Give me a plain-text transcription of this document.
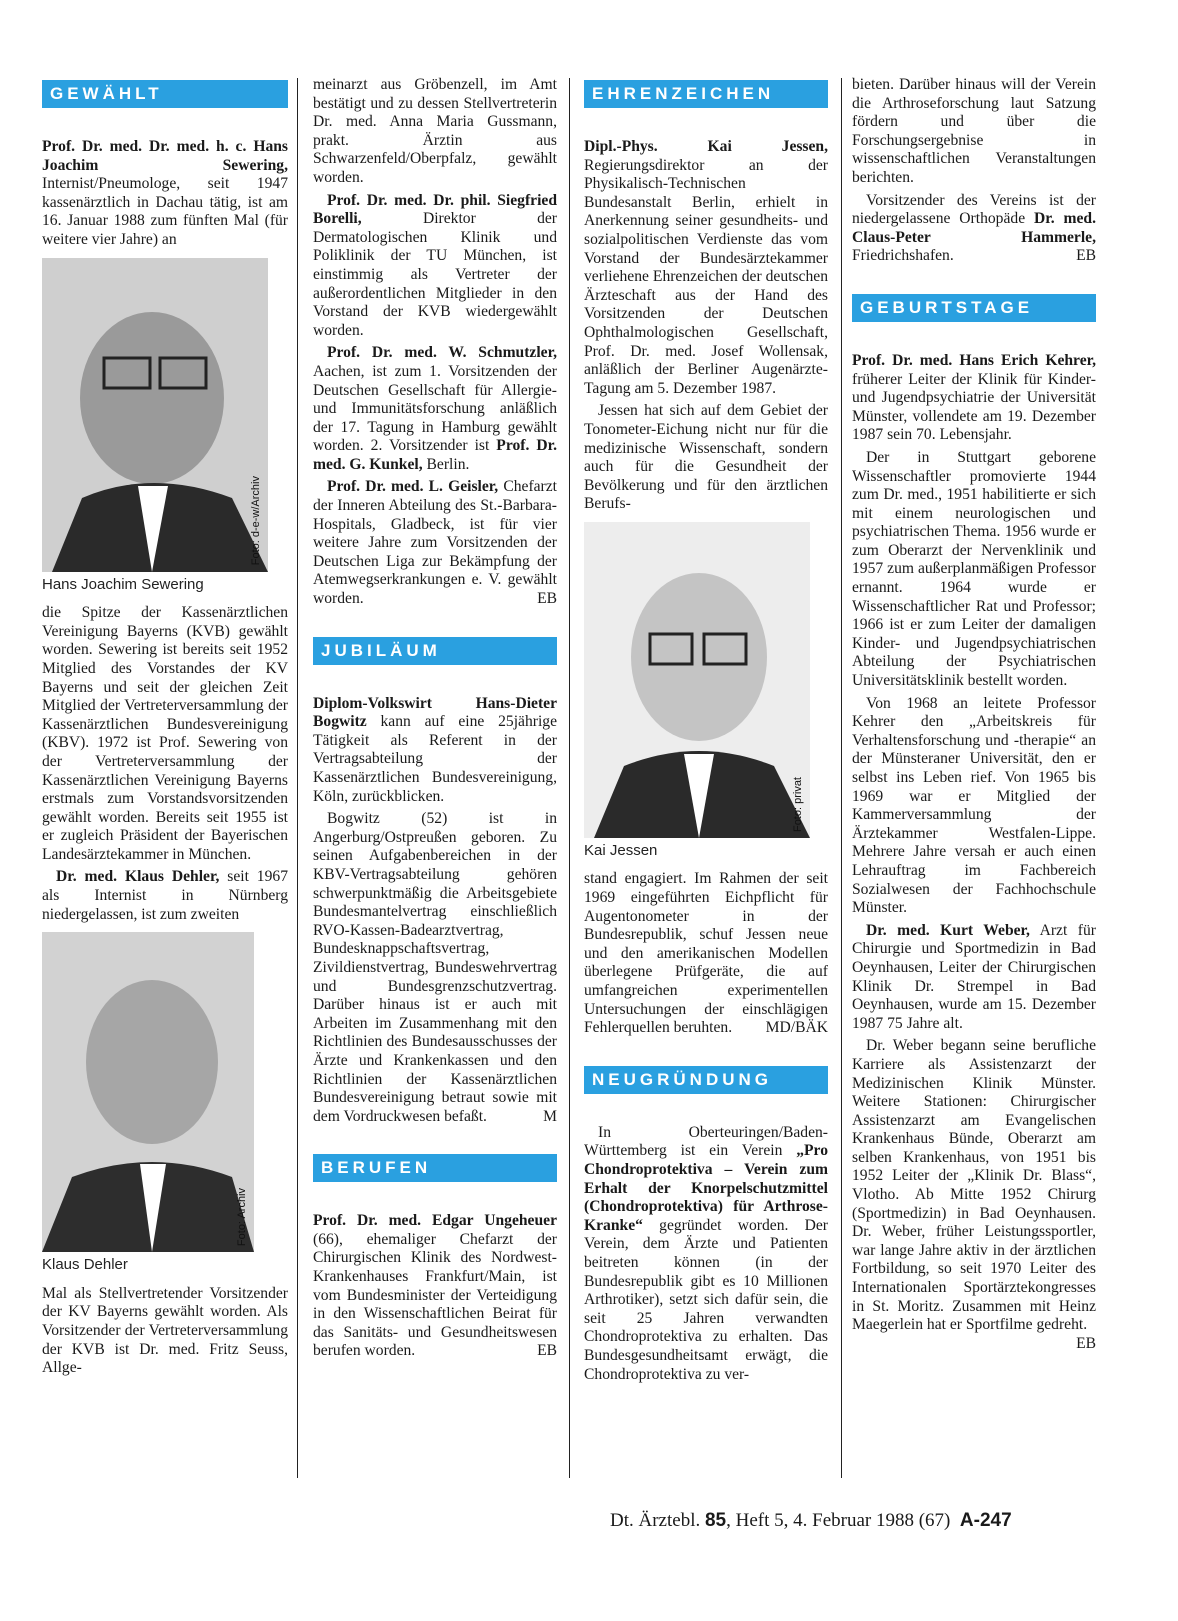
GEWÄHLT

Prof. Dr. med. Dr. med. h. c. Hans Joachim Sewering, Internist/Pneumologe, seit 1947 kassenärztlich in Dachau tätig, ist am 16. Januar 1988 zum fünften Mal (für weitere vier Jahre) an

Foto: d-e-w/Archiv
Hans Joachim Sewering

die Spitze der Kassenärztlichen Vereinigung Bayerns (KVB) gewählt worden. Sewering ist bereits seit 1952 Mitglied des Vorstandes der KV Bayerns und seit der gleichen Zeit Mitglied der Vertreterversammlung der Kassenärztlichen Bundesvereinigung (KBV). 1972 ist Prof. Sewering von der Vertreterversammlung der Kassenärztlichen Vereinigung Bayerns erstmals zum Vorstandsvorsitzenden gewählt worden. Bereits seit 1955 ist er zugleich Präsident der Bayerischen Landesärztekammer in München.

Dr. med. Klaus Dehler, seit 1967 als Internist in Nürnberg niedergelassen, ist zum zweiten

Foto: Archiv
Klaus Dehler

Mal als Stellvertretender Vorsitzender der KV Bayerns gewählt worden. Als Vorsitzender der Vertreterversammlung der KVB ist Dr. med. Fritz Seuss, Allge-

meinarzt aus Gröbenzell, im Amt bestätigt und zu dessen Stellvertreterin Dr. med. Anna Maria Gussmann, prakt. Ärztin aus Schwarzenfeld/Oberpfalz, gewählt worden.

Prof. Dr. med. Dr. phil. Siegfried Borelli, Direktor der Dermatologischen Klinik und Poliklinik der TU München, ist einstimmig als Vertreter der außerordentlichen Mitglieder in den Vorstand der KVB wiedergewählt worden.

Prof. Dr. med. W. Schmutzler, Aachen, ist zum 1. Vorsitzenden der Deutschen Gesellschaft für Allergie- und Immunitätsforschung anläßlich der 17. Tagung in Hamburg gewählt worden. 2. Vorsitzender ist Prof. Dr. med. G. Kunkel, Berlin.

Prof. Dr. med. L. Geisler, Chefarzt der Inneren Abteilung des St.-Barbara-Hospitals, Gladbeck, ist für vier weitere Jahre zum Vorsitzenden der Deutschen Liga zur Bekämpfung der Atemwegserkrankungen e. V. gewählt worden.	EB

JUBILÄUM

Diplom-Volkswirt Hans-Dieter Bogwitz kann auf eine 25jährige Tätigkeit als Referent in der Vertragsabteilung der Kassenärztlichen Bundesvereinigung, Köln, zurückblicken.

Bogwitz (52) ist in Angerburg/Ostpreußen geboren. Zu seinen Aufgabenbereichen in der KBV-Vertragsabteilung gehören schwerpunktmäßig die Arbeitsgebiete Bundesmantelvertrag einschließlich RVO-Kassen-Badearztvertrag, Bundesknappschaftsvertrag, Zivildienstvertrag, Bundeswehrvertrag und Bundesgrenzschutzvertrag. Darüber hinaus ist er auch mit Arbeiten im Zusammenhang mit den Richtlinien des Bundesausschusses der Ärzte und Krankenkassen und den Richtlinien der Kassenärztlichen Bundesvereinigung betraut sowie mit dem Vordruckwesen befaßt.	M

BERUFEN

Prof. Dr. med. Edgar Ungeheuer (66), ehemaliger Chefarzt der Chirurgischen Klinik des Nordwest-Krankenhauses Frankfurt/Main, ist vom Bundesminister der Verteidigung in den Wissenschaftlichen Beirat für das Sanitäts- und Gesundheitswesen berufen worden.	EB

EHRENZEICHEN

Dipl.-Phys. Kai Jessen, Regierungsdirektor an der Physikalisch-Technischen Bundesanstalt Berlin, erhielt in Anerkennung seiner gesundheits- und sozialpolitischen Verdienste das vom Vorstand der Bundesärztekammer verliehene Ehrenzeichen der deutschen Ärzteschaft aus der Hand des Vorsitzenden der Deutschen Ophthalmologischen Gesellschaft, Prof. Dr. med. Josef Wollensak, anläßlich der Berliner Augenärzte-Tagung am 5. Dezember 1987.

Jessen hat sich auf dem Gebiet der Tonometer-Eichung nicht nur für die medizinische Wissenschaft, sondern auch für die Gesundheit der Bevölkerung und für den ärztlichen Berufs-

Foto: privat
Kai Jessen

stand engagiert. Im Rahmen der seit 1969 eingeführten Eichpflicht für Augentonometer in der Bundesrepublik, schuf Jessen neue und den amerikanischen Modellen überlegene Prüfgeräte, die auf umfangreichen experimentellen Untersuchungen der einschlägigen Fehlerquellen beruhten. MD/BÄK

NEUGRÜNDUNG

In Oberteuringen/Baden-Württemberg ist ein Verein „Pro Chondroprotektiva – Verein zum Erhalt der Knorpelschutzmittel (Chondroprotektiva) für Arthrose-Kranke“ gegründet worden. Der Verein, dem Ärzte und Patienten beitreten können (in der Bundesrepublik gibt es 10 Millionen Arthrotiker), setzt sich dafür sein, die seit 25 Jahren verwandten Chondroprotektiva zu erhalten. Das Bundesgesundheitsamt erwägt, die Chondroprotektiva zu ver-

bieten. Darüber hinaus will der Verein die Arthroseforschung laut Satzung fördern und über die Forschungsergebnise in wissenschaftlichen Veranstaltungen berichten.

Vorsitzender des Vereins ist der niedergelassene Orthopäde Dr. med. Claus-Peter Hammerle, Friedrichshafen.	EB

GEBURTSTAGE

Prof. Dr. med. Hans Erich Kehrer, früherer Leiter der Klinik für Kinder- und Jugendpsychiatrie der Universität Münster, vollendete am 19. Dezember 1987 sein 70. Lebensjahr.

Der in Stuttgart geborene Wissenschaftler promovierte 1944 zum Dr. med., 1951 habilitierte er sich mit einem neurologischen und psychiatrischen Thema. 1956 wurde er zum Oberarzt der Nervenklinik und 1957 zum außerplanmäßigen Professor ernannt. 1964 wurde er Wissenschaftlicher Rat und Professor; 1966 ist er zum Leiter der damaligen Kinder- und Jugendpsychiatrischen Abteilung der Psychiatrischen Universitätsklinik bestellt worden.

Von 1968 an leitete Professor Kehrer den „Arbeitskreis für Verhaltensforschung und -therapie“ an der Münsteraner Universität, den er selbst ins Leben rief. Von 1965 bis 1969 war er Mitglied der Kammerversammlung der Ärztekammer Westfalen-Lippe. Mehrere Jahre versah er auch einen Lehrauftrag im Fachbereich Sozialwesen der Fachhochschule Münster.

Dr. med. Kurt Weber, Arzt für Chirurgie und Sportmedizin in Bad Oeynhausen, Leiter der Chirurgischen Klinik Dr. Strempel in Bad Oeynhausen, wurde am 15. Dezember 1987 75 Jahre alt.

Dr. Weber begann seine berufliche Karriere als Assistenzarzt der Medizinischen Klinik Münster. Weitere Stationen: Chirurgischer Assistenzarzt am Evangelischen Krankenhaus Bünde, Oberarzt am selben Krankenhaus, von 1951 bis 1952 Leiter der „Klinik Dr. Blass“, Vlotho. Ab Mitte 1952 Chirurg (Sportmedizin) in Bad Oeynhausen. Dr. Weber, früher Leistungssportler, war lange Jahre aktiv in der ärztlichen Fortbildung, so seit 1970 Leiter des Internationalen Sportärztekongresses in St. Moritz. Zusammen mit Heinz Maegerlein hat er Sportfilme gedreht.
EB

Dt. Ärztebl. 85, Heft 5, 4. Februar 1988 (67) A-247
